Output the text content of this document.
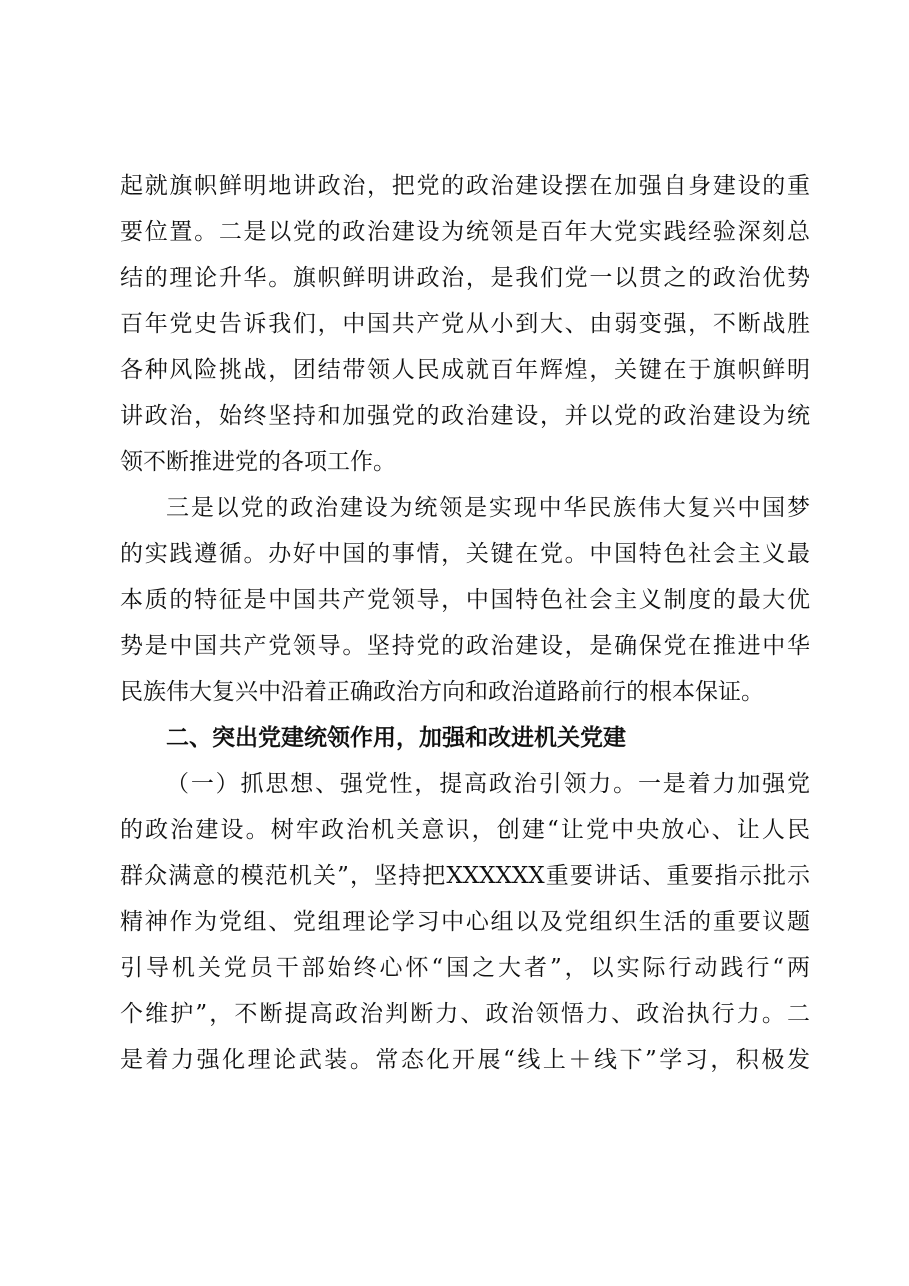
起就旗帜鲜明地讲政治，把党的政治建设摆在加强自身建设的重
要位置。二是以党的政治建设为统领是百年大党实践经验深刻总
结的理论升华。旗帜鲜明讲政治，是我们党一以贯之的政治优势
百年党史告诉我们，中国共产党从小到大、由弱变强，不断战胜
各种风险挑战，团结带领人民成就百年辉煌，关键在于旗帜鲜明
讲政治，始终坚持和加强党的政治建设，并以党的政治建设为统
领不断推进党的各项工作。
三是以党的政治建设为统领是实现中华民族伟大复兴中国梦
的实践遵循。办好中国的事情，关键在党。中国特色社会主义最
本质的特征是中国共产党领导，中国特色社会主义制度的最大优
势是中国共产党领导。坚持党的政治建设，是确保党在推进中华
民族伟大复兴中沿着正确政治方向和政治道路前行的根本保证。
二、突出党建统领作用，加强和改进机关党建
（一）抓思想、强党性，提高政治引领力。一是着力加强党
的政治建设。树牢政治机关意识，创建“让党中央放心、让人民
群众满意的模范机关”，坚持把XXXXXX重要讲话、重要指示批示
精神作为党组、党组理论学习中心组以及党组织生活的重要议题
引导机关党员干部始终心怀“国之大者”，以实际行动践行“两
个维护”，不断提高政治判断力、政治领悟力、政治执行力。二
是着力强化理论武装。常态化开展“线上＋线下”学习，积极发
